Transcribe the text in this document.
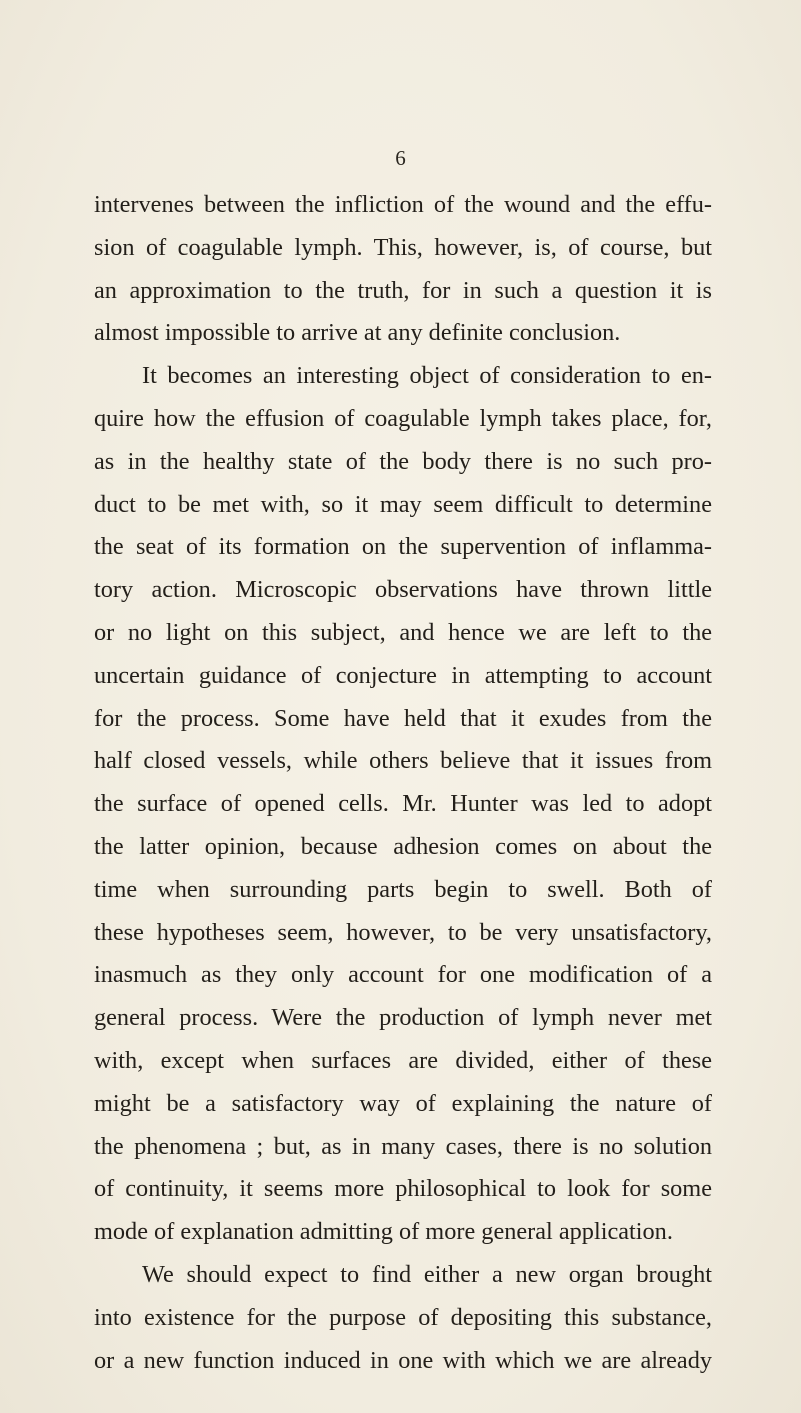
6
intervenes between the infliction of the wound and the effu-
sion of coagulable lymph. This, however, is, of course, but
an approximation to the truth, for in such a question it is
almost impossible to arrive at any definite conclusion.
It becomes an interesting object of consideration to en-
quire how the effusion of coagulable lymph takes place, for,
as in the healthy state of the body there is no such pro-
duct to be met with, so it may seem difficult to determine
the seat of its formation on the supervention of inflamma-
tory action. Microscopic observations have thrown little
or no light on this subject, and hence we are left to the
uncertain guidance of conjecture in attempting to account
for the process. Some have held that it exudes from the
half closed vessels, while others believe that it issues from
the surface of opened cells. Mr. Hunter was led to adopt
the latter opinion, because adhesion comes on about the
time when surrounding parts begin to swell. Both of
these hypotheses seem, however, to be very unsatisfactory,
inasmuch as they only account for one modification of a
general process. Were the production of lymph never met
with, except when surfaces are divided, either of these
might be a satisfactory way of explaining the nature of
the phenomena ; but, as in many cases, there is no solution
of continuity, it seems more philosophical to look for some
mode of explanation admitting of more general application.
We should expect to find either a new organ brought
into existence for the purpose of depositing this substance,
or a new function induced in one with which we are already
